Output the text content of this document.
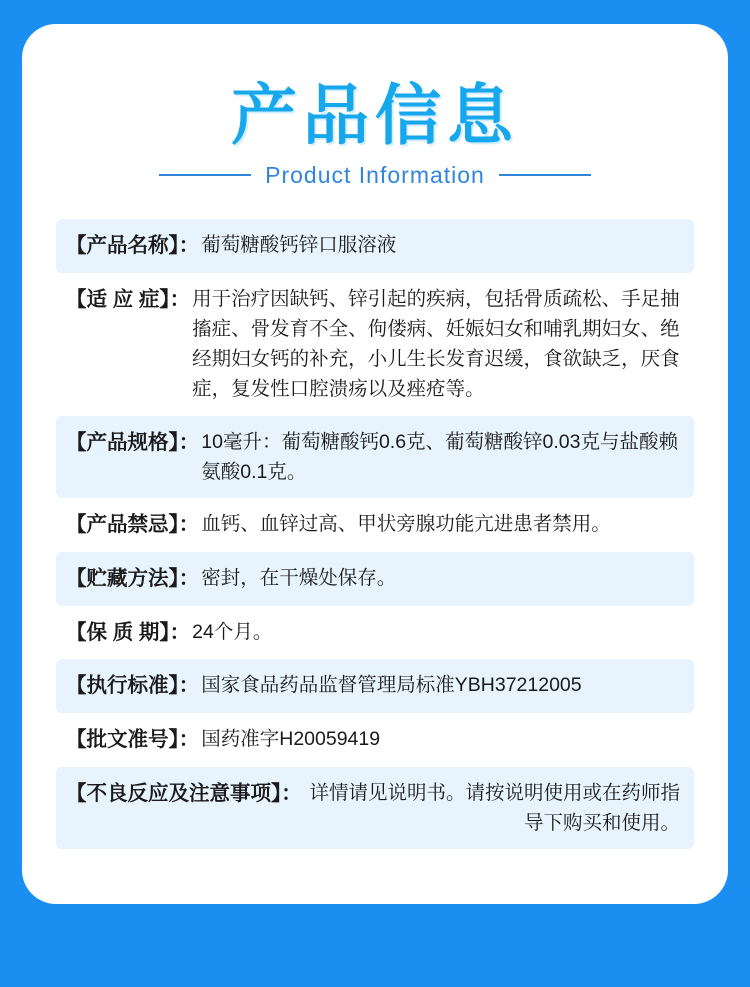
产品信息
Product Information
【产品名称】： 葡萄糖酸钙锌口服溶液
【适 应 症】： 用于治疗因缺钙、锌引起的疾病，包括骨质疏松、手足抽搐症、骨发育不全、佝偻病、妊娠妇女和哺乳期妇女、绝经期妇女钙的补充，小儿生长发育迟缓，食欲缺乏，厌食症，复发性口腔溃疡以及痤疮等。
【产品规格】： 10毫升：葡萄糖酸钙0.6克、葡萄糖酸锌0.03克与盐酸赖氨酸0.1克。
【产品禁忌】： 血钙、血锌过高、甲状旁腺功能亢进患者禁用。
【贮藏方法】： 密封，在干燥处保存。
【保 质 期】： 24个月。
【执行标准】： 国家食品药品监督管理局标准YBH37212005
【批文准号】： 国药准字H20059419
【不良反应及注意事项】： 详情请见说明书。请按说明使用或在药师指导下购买和使用。
